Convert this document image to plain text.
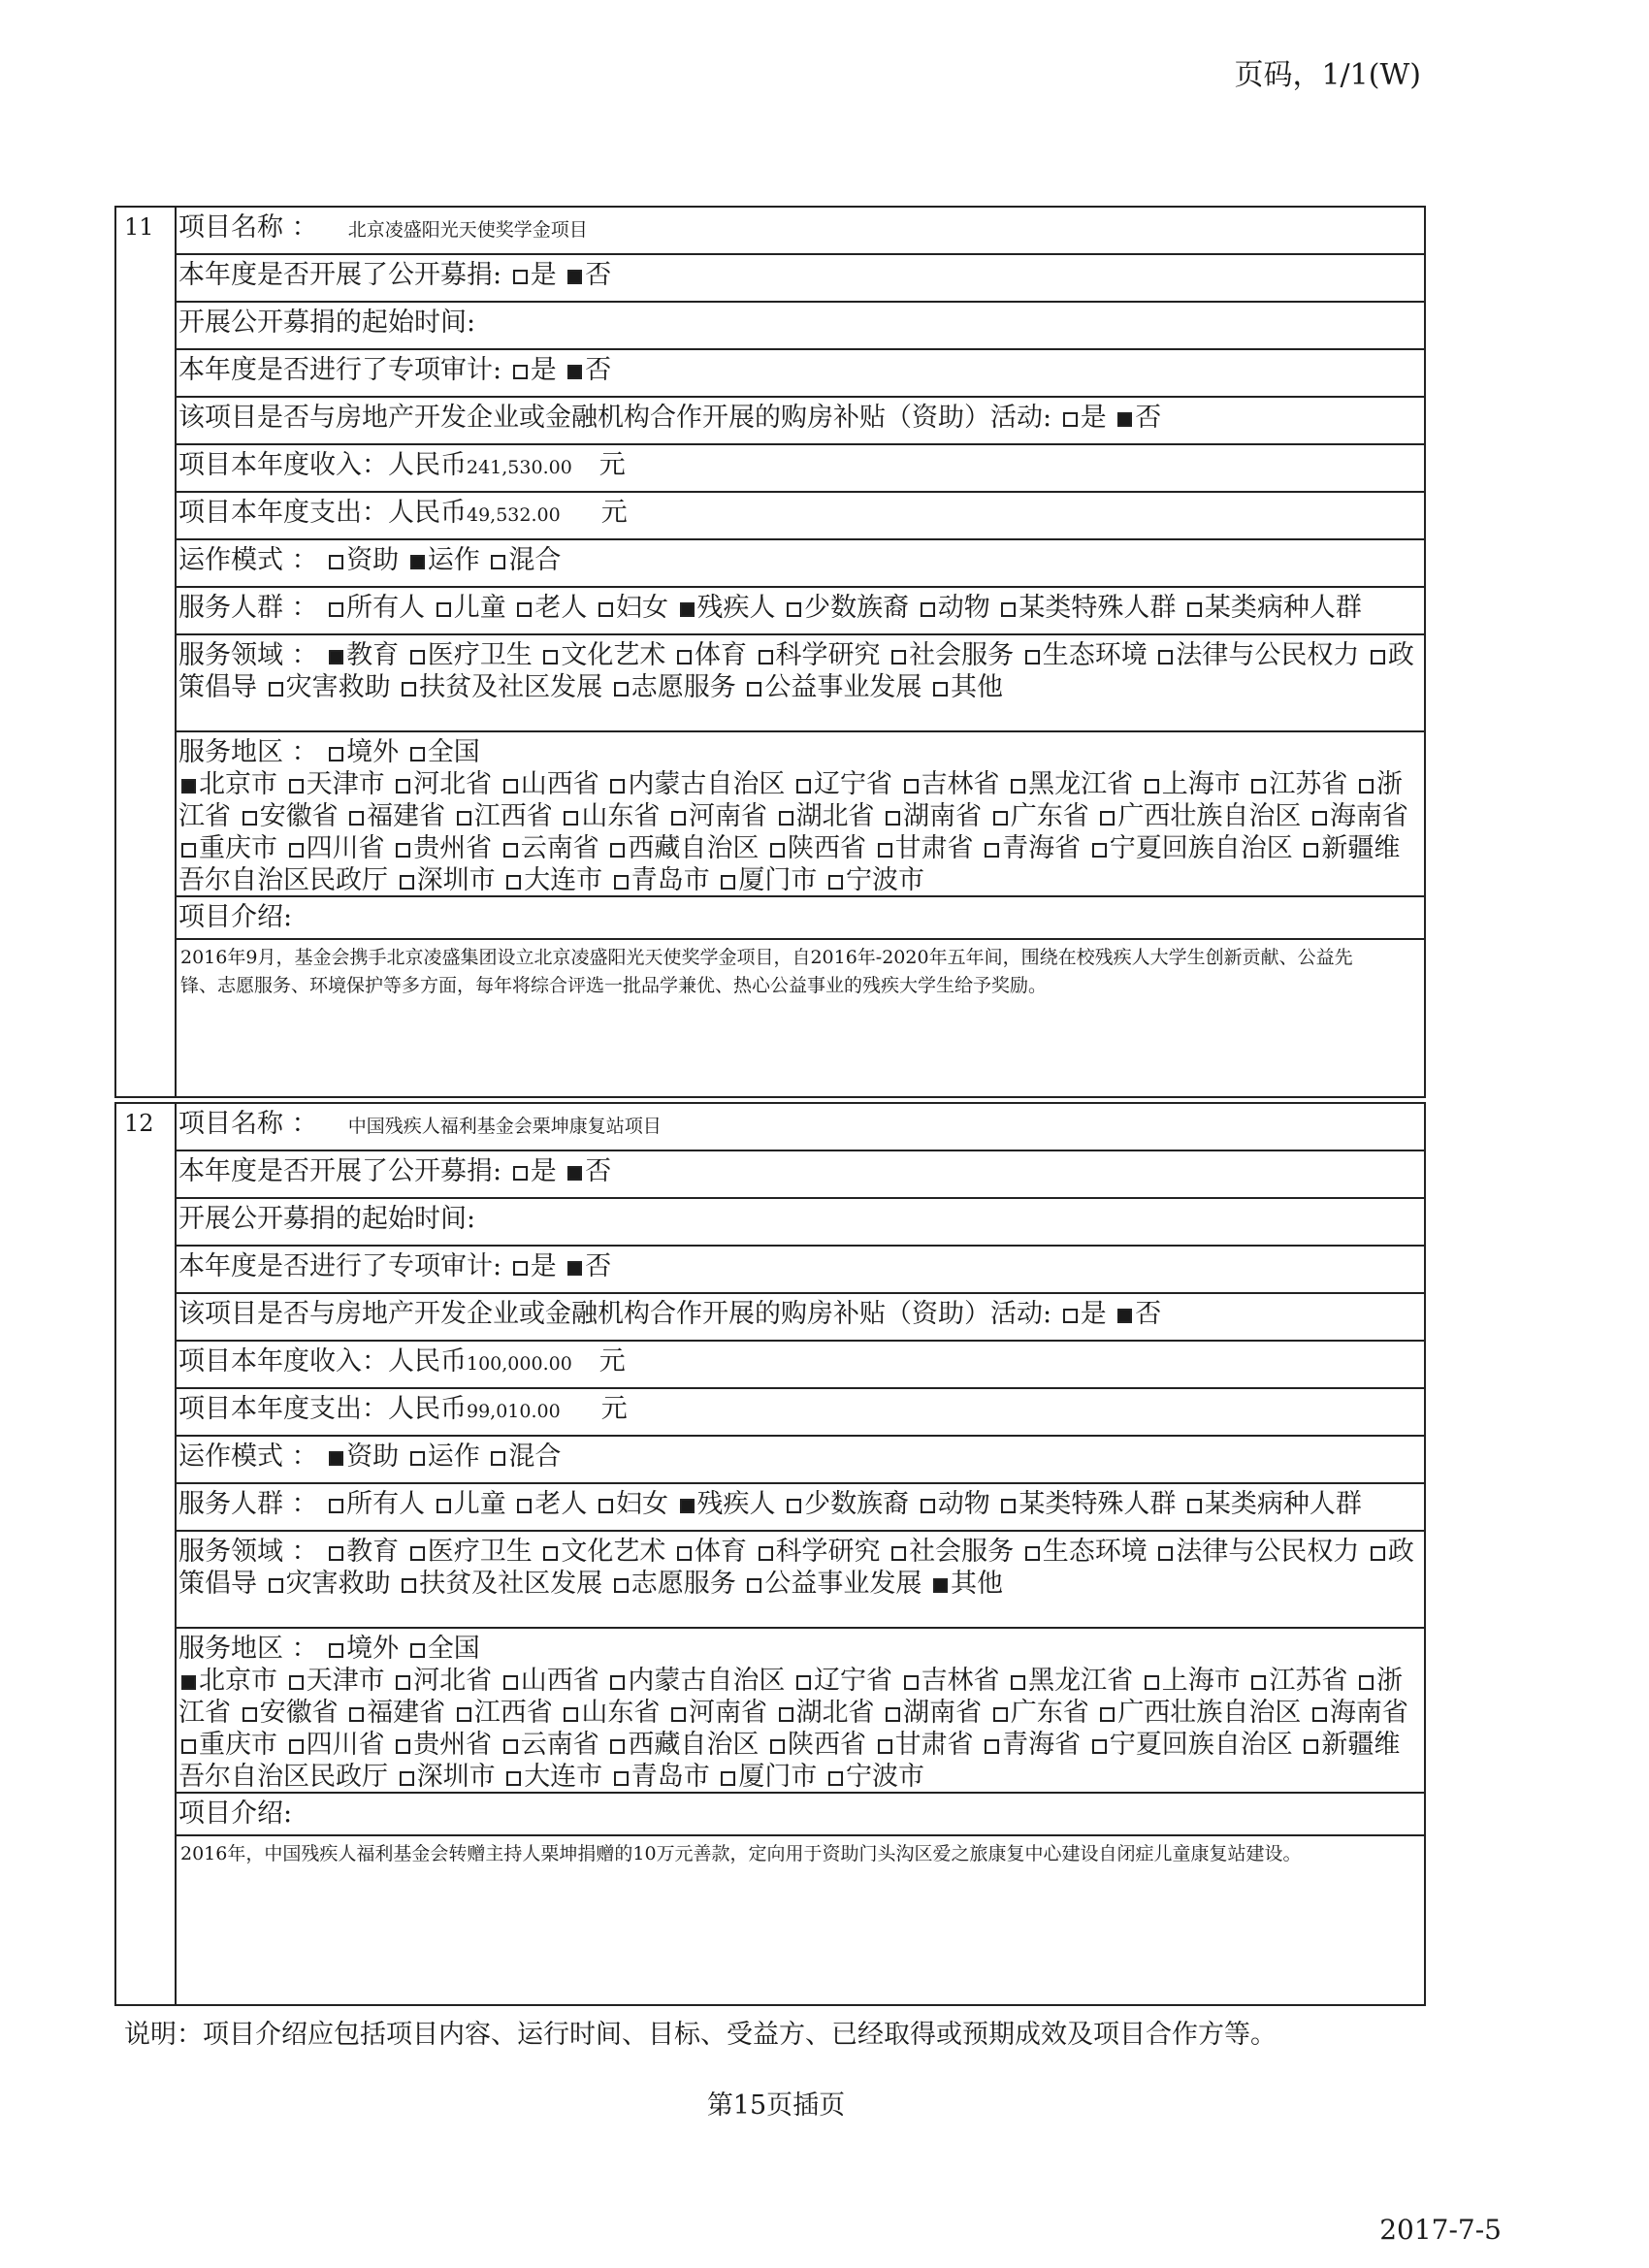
页码，1/1(W)
11 项目名称 ：  北京凌盛阳光天使奖学金项目
本年度是否开展了公开募捐: 是 否
开展公开募捐的起始时间:
本年度是否进行了专项审计: 是 否
该项目是否与房地产开发企业或金融机构合作开展的购房补贴（资助）活动: 是 否
项目本年度收入：人民币241,530.00 元
项目本年度支出：人民币49,532.00 元
运作模式 ： 资助 运作 混合
服务人群 ： 所有人 儿童 老人 妇女 残疾人 少数族裔 动物 某类特殊人群 某类病种人群
服务领域 ： 教育 医疗卫生 文化艺术 体育 科学研究 社会服务 生态环境 法律与公民权力 政策倡导 灾害救助 扶贫及社区发展 志愿服务 公益事业发展 其他
服务地区 ： 境外 全国
北京市 天津市 河北省 山西省 内蒙古自治区 辽宁省 吉林省 黑龙江省 上海市 江苏省 浙江省 安徽省 福建省 江西省 山东省 河南省 湖北省 湖南省 广东省 广西壮族自治区 海南省 重庆市 四川省 贵州省 云南省 西藏自治区 陕西省 甘肃省 青海省 宁夏回族自治区 新疆维吾尔自治区民政厅 深圳市 大连市 青岛市 厦门市 宁波市
项目介绍:
2016年9月，基金会携手北京凌盛集团设立北京凌盛阳光天使奖学金项目，自2016年-2020年五年间，围绕在校残疾人大学生创新贡献、公益先锋、志愿服务、环境保护等多方面，每年将综合评选一批品学兼优、热心公益事业的残疾大学生给予奖励。
12 项目名称 ：  中国残疾人福利基金会栗坤康复站项目
本年度是否开展了公开募捐: 是 否
开展公开募捐的起始时间:
本年度是否进行了专项审计: 是 否
该项目是否与房地产开发企业或金融机构合作开展的购房补贴（资助）活动: 是 否
项目本年度收入：人民币100,000.00 元
项目本年度支出：人民币99,010.00 元
运作模式 ： 资助 运作 混合
服务人群 ： 所有人 儿童 老人 妇女 残疾人 少数族裔 动物 某类特殊人群 某类病种人群
服务领域 ： 教育 医疗卫生 文化艺术 体育 科学研究 社会服务 生态环境 法律与公民权力 政策倡导 灾害救助 扶贫及社区发展 志愿服务 公益事业发展 其他
服务地区 ： 境外 全国
北京市 天津市 河北省 山西省 内蒙古自治区 辽宁省 吉林省 黑龙江省 上海市 江苏省 浙江省 安徽省 福建省 江西省 山东省 河南省 湖北省 湖南省 广东省 广西壮族自治区 海南省 重庆市 四川省 贵州省 云南省 西藏自治区 陕西省 甘肃省 青海省 宁夏回族自治区 新疆维吾尔自治区民政厅 深圳市 大连市 青岛市 厦门市 宁波市
项目介绍:
2016年，中国残疾人福利基金会转赠主持人栗坤捐赠的10万元善款，定向用于资助门头沟区爱之旅康复中心建设自闭症儿童康复站建设。
说明：项目介绍应包括项目内容、运行时间、目标、受益方、已经取得或预期成效及项目合作方等。
第15页插页
2017-7-5
